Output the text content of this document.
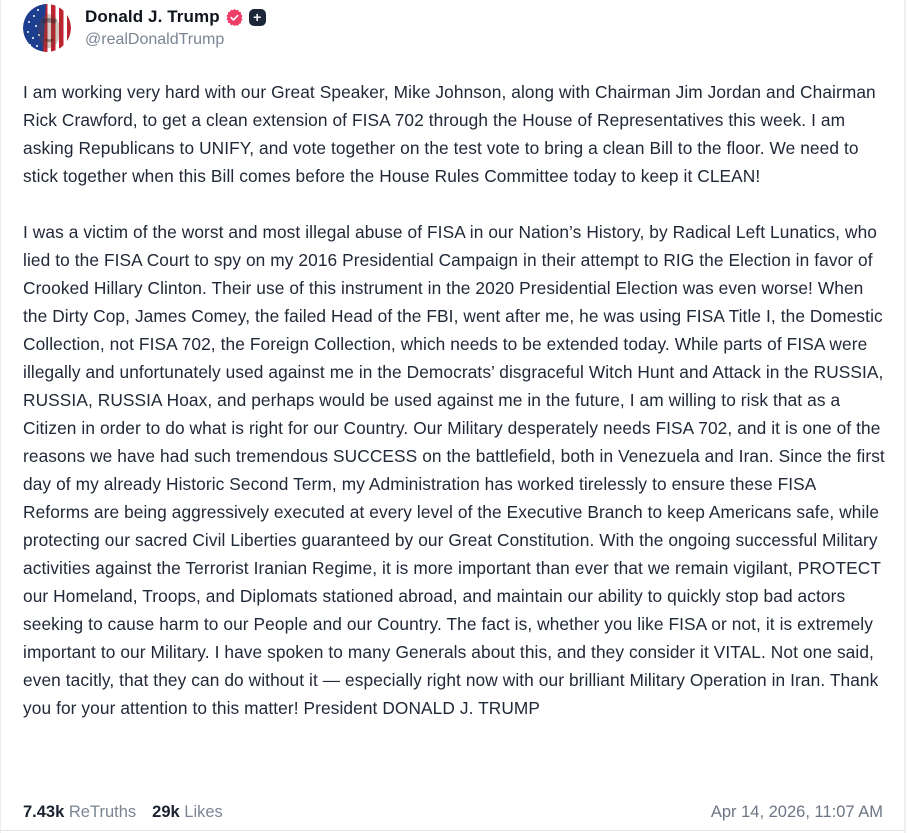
Donald J. Trump	+
@realDonaldTrump

I am working very hard with our Great Speaker, Mike Johnson, along with Chairman Jim Jordan and Chairman Rick Crawford, to get a clean extension of FISA 702 through the House of Representatives this week. I am asking Republicans to UNIFY, and vote together on the test vote to bring a clean Bill to the floor. We need to stick together when this Bill comes before the House Rules Committee today to keep it CLEAN!

I was a victim of the worst and most illegal abuse of FISA in our Nation’s History, by Radical Left Lunatics, who lied to the FISA Court to spy on my 2016 Presidential Campaign in their attempt to RIG the Election in favor of Crooked Hillary Clinton. Their use of this instrument in the 2020 Presidential Election was even worse! When the Dirty Cop, James Comey, the failed Head of the FBI, went after me, he was using FISA Title I, the Domestic Collection, not FISA 702, the Foreign Collection, which needs to be extended today. While parts of FISA were illegally and unfortunately used against me in the Democrats’ disgraceful Witch Hunt and Attack in the RUSSIA, RUSSIA, RUSSIA Hoax, and perhaps would be used against me in the future, I am willing to risk that as a Citizen in order to do what is right for our Country. Our Military desperately needs FISA 702, and it is one of the reasons we have had such tremendous SUCCESS on the battlefield, both in Venezuela and Iran. Since the first day of my already Historic Second Term, my Administration has worked tirelessly to ensure these FISA Reforms are being aggressively executed at every level of the Executive Branch to keep Americans safe, while protecting our sacred Civil Liberties guaranteed by our Great Constitution. With the ongoing successful Military activities against the Terrorist Iranian Regime, it is more important than ever that we remain vigilant, PROTECT our Homeland, Troops, and Diplomats stationed abroad, and maintain our ability to quickly stop bad actors seeking to cause harm to our People and our Country. The fact is, whether you like FISA or not, it is extremely important to our Military. I have spoken to many Generals about this, and they consider it VITAL. Not one said, even tacitly, that they can do without it — especially right now with our brilliant Military Operation in Iran. Thank you for your attention to this matter! President DONALD J. TRUMP

7.43k ReTruths 29k Likes	Apr 14, 2026, 11:07 AM
